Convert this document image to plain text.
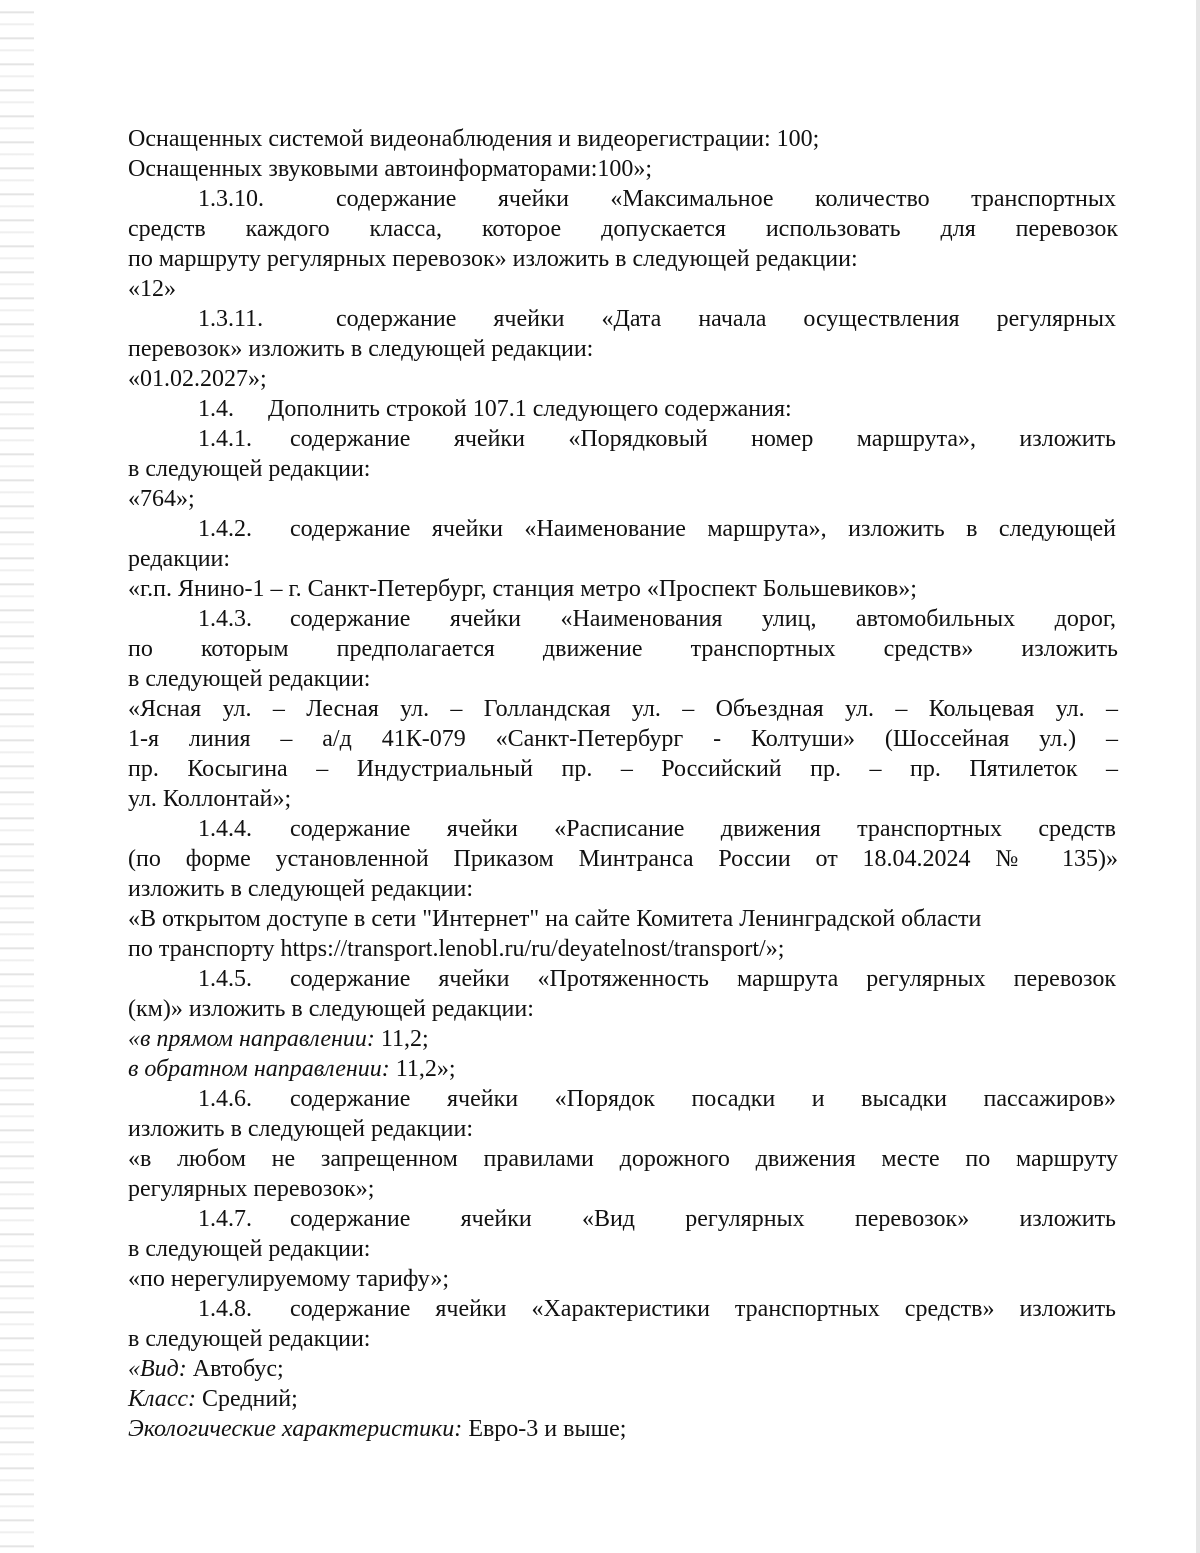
Оснащенных системой видеонаблюдения и видеорегистрации: 100;
Оснащенных звуковыми автоинформаторами:100»;
1.3.10.	содержание ячейки «Максимальное количество транспортных
средств каждого класса, которое допускается использовать для перевозок
по маршруту регулярных перевозок» изложить в следующей редакции:
«12»
1.3.11.	содержание ячейки «Дата начала осуществления регулярных
перевозок» изложить в следующей редакции:
«01.02.2027»;
1.4. Дополнить строкой 107.1 следующего содержания:
1.4.1. содержание ячейки «Порядковый номер маршрута», изложить
в следующей редакции:
«764»;
1.4.2. содержание ячейки «Наименование маршрута», изложить в следующей
редакции:
«г.п. Янино-1 – г. Санкт-Петербург, станция метро «Проспект Большевиков»;
1.4.3. содержание ячейки «Наименования улиц, автомобильных дорог,
по которым предполагается движение транспортных средств» изложить
в следующей редакции:
«Ясная ул. – Лесная ул. – Голландская ул. – Объездная ул. – Кольцевая ул. –
1-я линия – а/д 41К-079 «Санкт-Петербург - Колтуши» (Шоссейная ул.) –
пр. Косыгина – Индустриальный пр. – Российский пр. – пр. Пятилеток –
ул. Коллонтай»;
1.4.4. содержание ячейки «Расписание движения транспортных средств
(по форме установленной Приказом Минтранса России от 18.04.2024 № 135)»
изложить в следующей редакции:
«В открытом доступе в сети "Интернет" на сайте Комитета Ленинградской области
по транспорту https://transport.lenobl.ru/ru/deyatelnost/transport/»;
1.4.5. содержание ячейки «Протяженность маршрута регулярных перевозок
(км)» изложить в следующей редакции:
«в прямом направлении: 11,2;
в обратном направлении: 11,2»;
1.4.6. содержание ячейки «Порядок посадки и высадки пассажиров»
изложить в следующей редакции:
«в любом не запрещенном правилами дорожного движения месте по маршруту
регулярных перевозок»;
1.4.7. содержание ячейки «Вид регулярных перевозок» изложить
в следующей редакции:
«по нерегулируемому тарифу»;
1.4.8. содержание ячейки «Характеристики транспортных средств» изложить
в следующей редакции:
«Вид: Автобус;
Класс: Средний;
Экологические характеристики: Евро-3 и выше;
